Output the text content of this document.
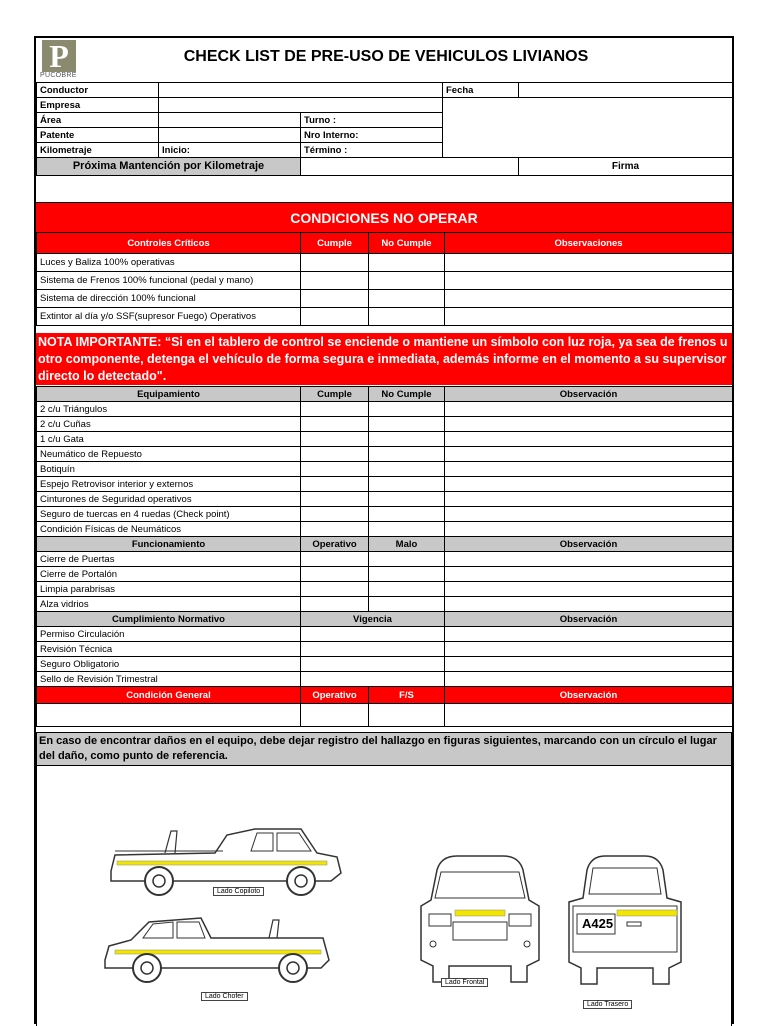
P
PUCOBRE
CHECK LIST DE PRE-USO DE VEHICULOS LIVIANOS
Conductor			Fecha	
Empresa				
Área		Turno :		
Patente		Nro Interno:		
Kilometraje	Inicio:	Término :		
Próxima Mantención por Kilometraje				Firma
CONDICIONES NO OPERAR
Controles Críticos	Cumple	No Cumple	Observaciones
Luces y Baliza 100% operativas			
Sistema de Frenos 100% funcional (pedal y mano)			
Sistema de dirección 100% funcional			
Extintor al día y/o SSF(supresor Fuego) Operativos			
NOTA IMPORTANTE: “Si en el tablero de control se enciende o mantiene un símbolo con luz roja, ya sea de frenos u otro componente, detenga el vehículo de forma segura e inmediata, además informe en el momento a su supervisor directo lo detectado".
Equipamiento	Cumple	No Cumple	Observación
2 c/u Triángulos			
2 c/u Cuñas			
1 c/u Gata			
Neumático de Repuesto			
Botiquín			
Espejo Retrovisor interior y externos			
Cinturones de Seguridad operativos			
Seguro de tuercas en 4 ruedas (Check point)			
Condición Físicas de Neumáticos			
Funcionamiento	Operativo	Malo	Observación
Cierre de Puertas			
Cierre de Portalón			
Limpia parabrisas			
Alza vidrios			
Cumplimiento Normativo	Vigencia		Observación
Permiso Circulación			
Revisión Técnica			
Seguro Obligatorio			
Sello de Revisión Trimestral			
Condición General	Operativo	F/S	Observación

En caso de encontrar daños en el equipo, debe dejar registro del hallazgo en figuras siguientes, marcando con un círculo el lugar del daño, como punto de referencia.
Lado Copiloto
Lado Chofer
Lado Frontal
A425
Lado Trasero
